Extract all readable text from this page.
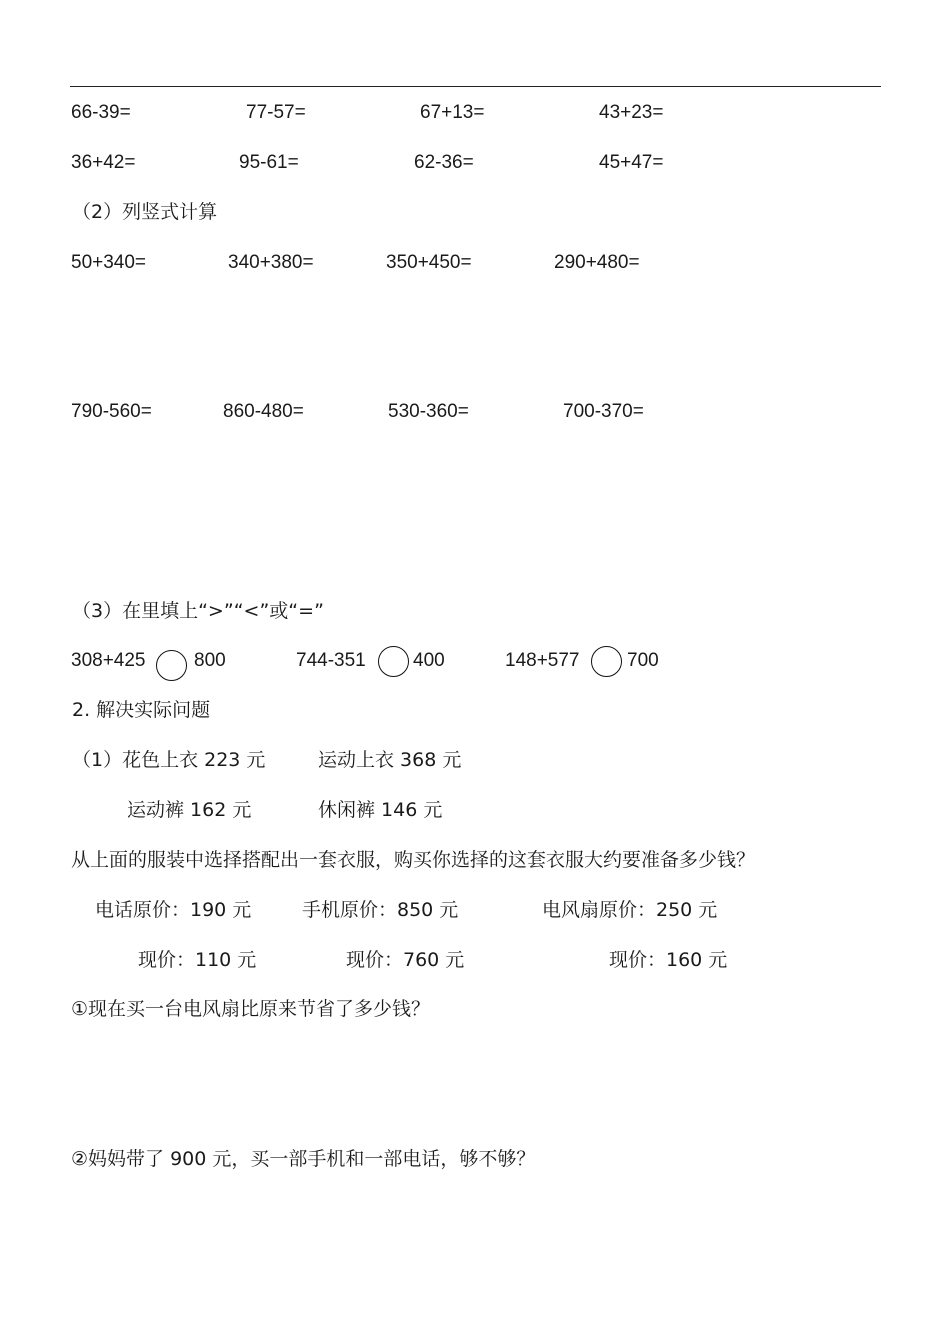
66-39=	77-57=	67+13=	43+23=
36+42=	95-61=	62-36=	45+47=
（2）列竖式计算
50+340=	340+380=	350+450=	290+480=
790-560=	860-480=	530-360=	700-370=
（3）在里填上“>”“<”或“=”
308+425	800	744-351 400	148+577	700
2. 解决实际问题
（1）花色上衣 223 元	运动上衣 368 元
运动裤 162 元	休闲裤 146 元
从上面的服装中选择搭配出一套衣服，购买你选择的这套衣服大约要准备多少钱？
电话原价：190 元	手机原价：850 元	电风扇原价：250 元
现价：110 元	现价：760 元	现价：160 元
①现在买一台电风扇比原来节省了多少钱？
②妈妈带了 900 元，买一部手机和一部电话，够不够？
